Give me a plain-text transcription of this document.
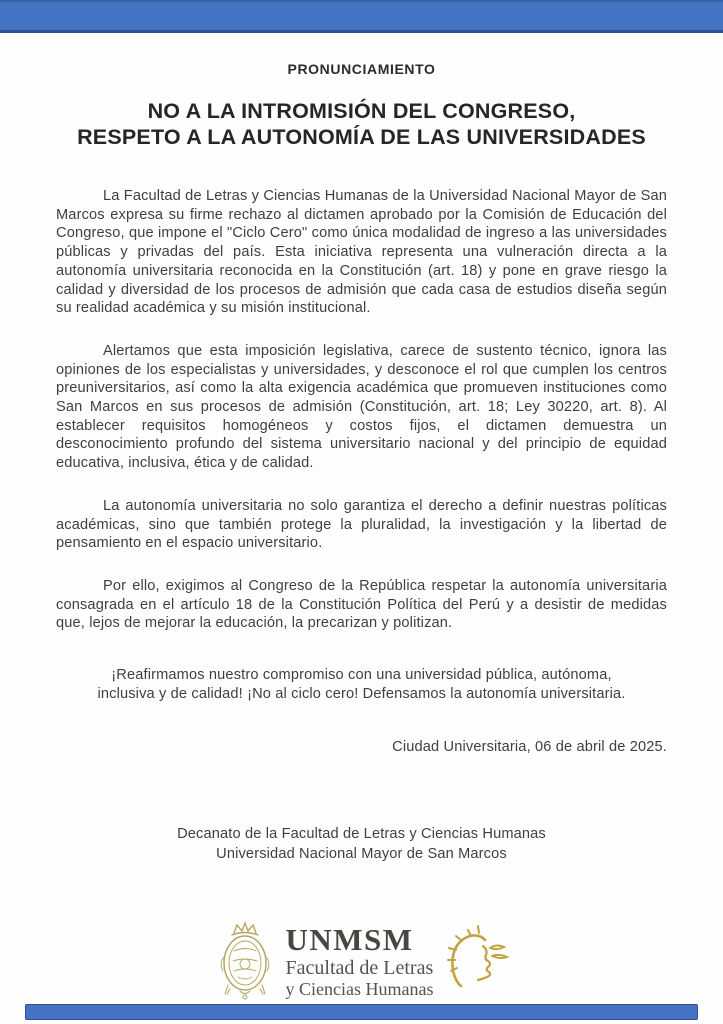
PRONUNCIAMIENTO
NO A LA INTROMISIÓN DEL CONGRESO,
RESPETO A LA AUTONOMÍA DE LAS UNIVERSIDADES

La Facultad de Letras y Ciencias Humanas de la Universidad Nacional Mayor de San Marcos expresa su firme rechazo al dictamen aprobado por la Comisión de Educación del Congreso, que impone el "Ciclo Cero" como única modalidad de ingreso a las universidades públicas y privadas del país. Esta iniciativa representa una vulneración directa a la autonomía universitaria reconocida en la Constitución (art. 18) y pone en grave riesgo la calidad y diversidad de los procesos de admisión que cada casa de estudios diseña según su realidad académica y su misión institucional.

Alertamos que esta imposición legislativa, carece de sustento técnico, ignora las opiniones de los especialistas y universidades, y desconoce el rol que cumplen los centros preuniversitarios, así como la alta exigencia académica que promueven instituciones como San Marcos en sus procesos de admisión (Constitución, art. 18; Ley 30220, art. 8). Al establecer requisitos homogéneos y costos fijos, el dictamen demuestra un desconocimiento profundo del sistema universitario nacional y del principio de equidad educativa, inclusiva, ética y de calidad.

La autonomía universitaria no solo garantiza el derecho a definir nuestras políticas académicas, sino que también protege la pluralidad, la investigación y la libertad de pensamiento en el espacio universitario.

Por ello, exigimos al Congreso de la República respetar la autonomía universitaria consagrada en el artículo 18 de la Constitución Política del Perú y a desistir de medidas que, lejos de mejorar la educación, la precarizan y politizan.

¡Reafirmamos nuestro compromiso con una universidad pública, autónoma,
inclusiva y de calidad! ¡No al ciclo cero! Defensamos la autonomía universitaria.
Ciudad Universitaria, 06 de abril de 2025.
Decanato de la Facultad de Letras y Ciencias Humanas
Universidad Nacional Mayor de San Marcos
UNMSM
Facultad de Letras
y Ciencias Humanas
